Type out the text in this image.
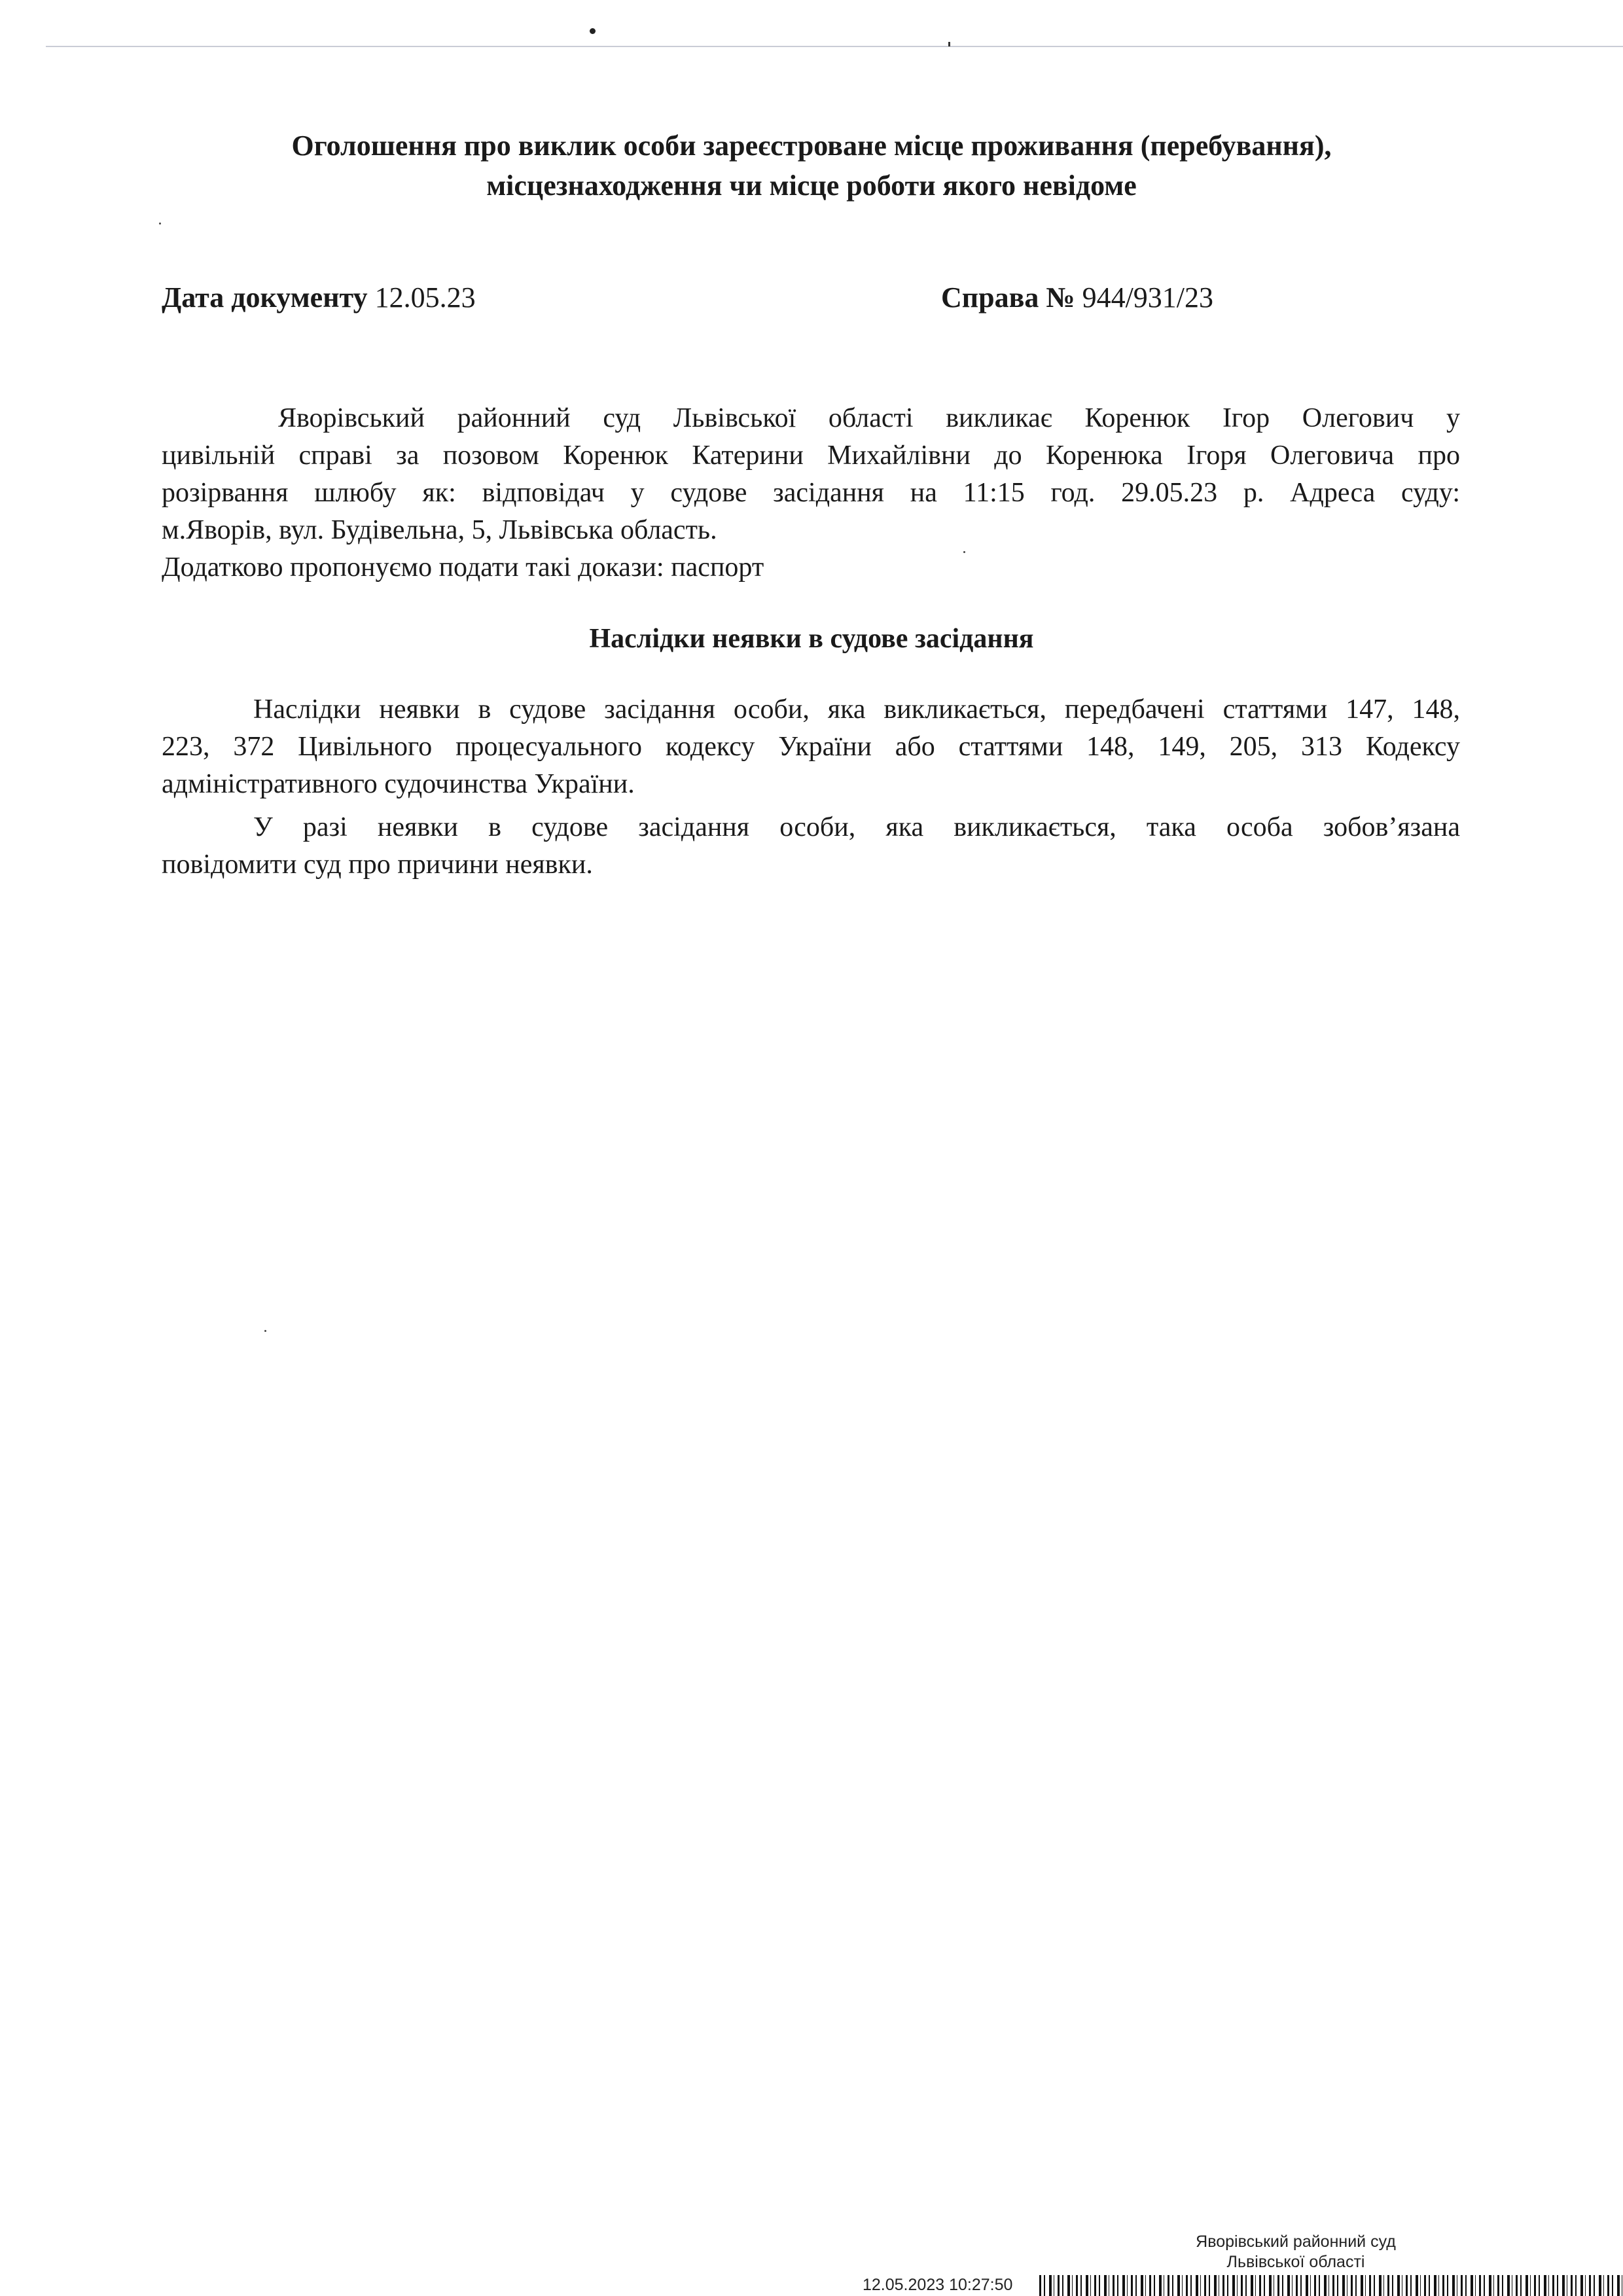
Оголошення про виклик особи зареєстроване місце проживання (перебування),
місцезнаходження чи місце роботи якого невідоме
Дата документу 12.05.23	Справа № 944/931/23
Яворівський районний суд Львівської області викликає Коренюк Ігор Олегович у
цивільній справі за позовом Коренюк Катерини Михайлівни до Коренюка Ігоря Олеговича про
розірвання шлюбу як: відповідач у судове засідання на 11:15 год. 29.05.23 р. Адреса суду:
м.Яворів, вул. Будівельна, 5, Львівська область.
Додатково пропонуємо подати такі докази: паспорт
Наслідки неявки в судове засідання
Наслідки неявки в судове засідання особи, яка викликається, передбачені статтями 147, 148,
223, 372 Цивільного процесуального кодексу України або статтями 148, 149, 205, 313 Кодексу
адміністративного судочинства України.
У разі неявки в судове засідання особи, яка викликається, така особа зобов’язана
повідомити суд про причини неявки.
Яворівський районний суд
Львівської області
12.05.2023 10:27:50
